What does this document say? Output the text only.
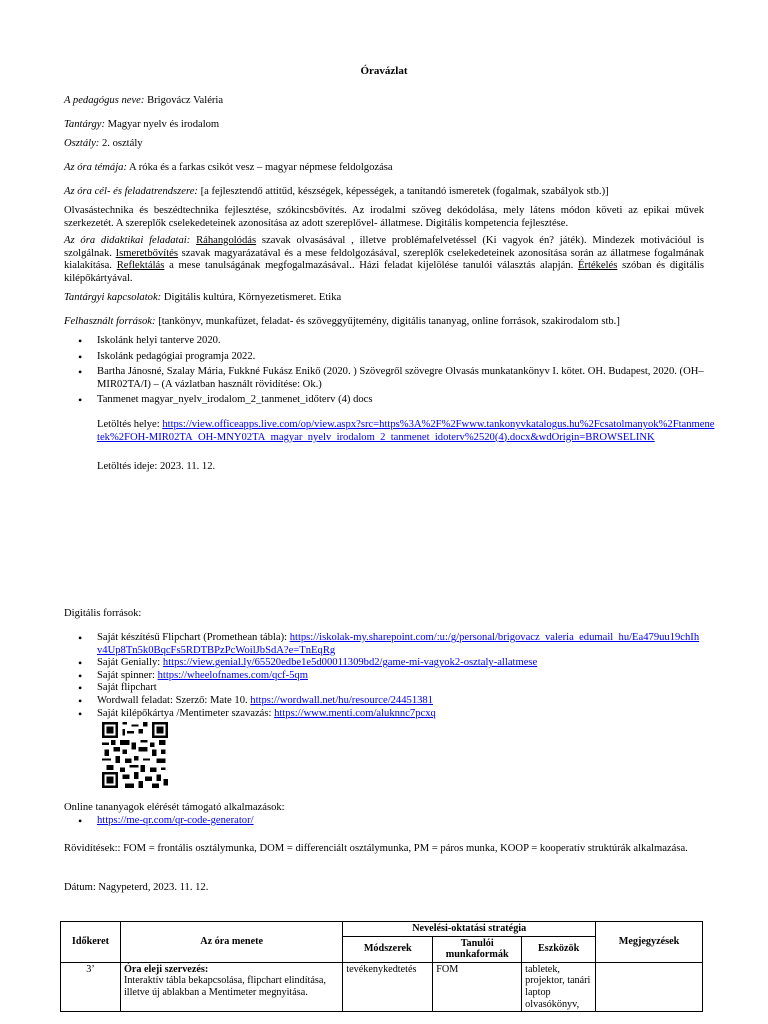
Óravázlat
A pedagógus neve: Brigovácz Valéria
Tantárgy: Magyar nyelv és irodalom
Osztály: 2. osztály
Az óra témája: A róka és a farkas csikót vesz – magyar népmese feldolgozása
Az óra cél- és feladatrendszere: [a fejlesztendő attitűd, készségek, képességek, a tanítandó ismeretek (fogalmak, szabályok stb.)]
Olvasástechnika és beszédtechnika fejlesztése, szókincsbővítés. Az irodalmi szöveg dekódolása, mely látens módon követi az epikai művek szerkezetét. A szereplők cselekedeteinek azonosítása az adott szereplővel- állatmese. Digitális kompetencia fejlesztése.
Az óra didaktikai feladatai: Ráhangolódás szavak olvasásával , illetve problémafelvetéssel (Ki vagyok én? játék). Mindezek motivációul is szolgálnak. Ismeretbővítés szavak magyarázatával és a mese feldolgozásával, szereplők cselekedeteinek azonosítása során az állatmese fogalmának kialakítása. Reflektálás a mese tanulságának megfogalmazásával.. Házi feladat kijelölése tanulói választás alapján. Értékelés szóban és digitális kilépőkártyával.
Tantárgyi kapcsolatok: Digitális kultúra, Környezetismeret. Etika
Felhasznált források: [tankönyv, munkafüzet, feladat- és szöveggyűjtemény, digitális tananyag, online források, szakirodalom stb.]
• Iskolánk helyi tanterve 2020.
• Iskolánk pedagógiai programja 2022.
• Bartha Jánosné, Szalay Mária, Fukkné Fukász Enikő (2020. ) Szövegről szövegre Olvasás munkatankönyv I. kötet. OH. Budapest, 2020. (OH–MIR02TA/I) – (A vázlatban használt rövidítése: Ok.)
• Tanmenet magyar_nyelv_irodalom_2_tanmenet_időterv (4) docs
Letöltés helye: https://view.officeapps.live.com/op/view.aspx?src=https%3A%2F%2Fwww.tankonyvkatalogus.hu%2Fcsatolmanyok%2Ftanmenetek%2FOH-MIR02TA_OH-MNY02TA_magyar_nyelv_irodalom_2_tanmenet_idoterv%2520(4).docx&wdOrigin=BROWSELINK
Letöltés ideje: 2023. 11. 12.
Digitális források:
• Saját készítésű Flipchart (Promethean tábla): https://iskolak-my.sharepoint.com/:u:/g/personal/brigovacz_valeria_edumail_hu/Ea479uu19chIhv4Up8Tn5k0BqcFs5RDTBPzPcWoilJbSdA?e=TnEqRg
• Saját Genially: https://view.genial.ly/65520edbe1e5d00011309bd2/game-mi-vagyok2-osztaly-allatmese
• Saját spinner: https://wheelofnames.com/qcf-5qm
• Saját flipchart
• Wordwall feladat: Szerző: Mate 10. https://wordwall.net/hu/resource/24451381
• Saját kilépőkártya /Mentimeter szavazás: https://www.menti.com/aluknnc7pcxq
Online tananyagok elérését támogató alkalmazások:
• https://me-qr.com/qr-code-generator/
Rövidítések:: FOM = frontális osztálymunka, DOM = differenciált osztálymunka, PM = páros munka, KOOP = kooperatív struktúrák alkalmazása.
Dátum: Nagypeterd, 2023. 11. 12.
Időkeret	Az óra menete	Nevelési-oktatási stratégia			Megjegyzések
		Módszerek	Tanulói munkaformák	Eszközök	
3’	Óra eleji szervezés:
Interaktív tábla bekapcsolása, flipchart elindítása, illetve új ablakban a Mentimeter megnyitása.	tevékenykedtetés	FOM	tabletek, projektor, tanári laptop olvasókönyv,	
